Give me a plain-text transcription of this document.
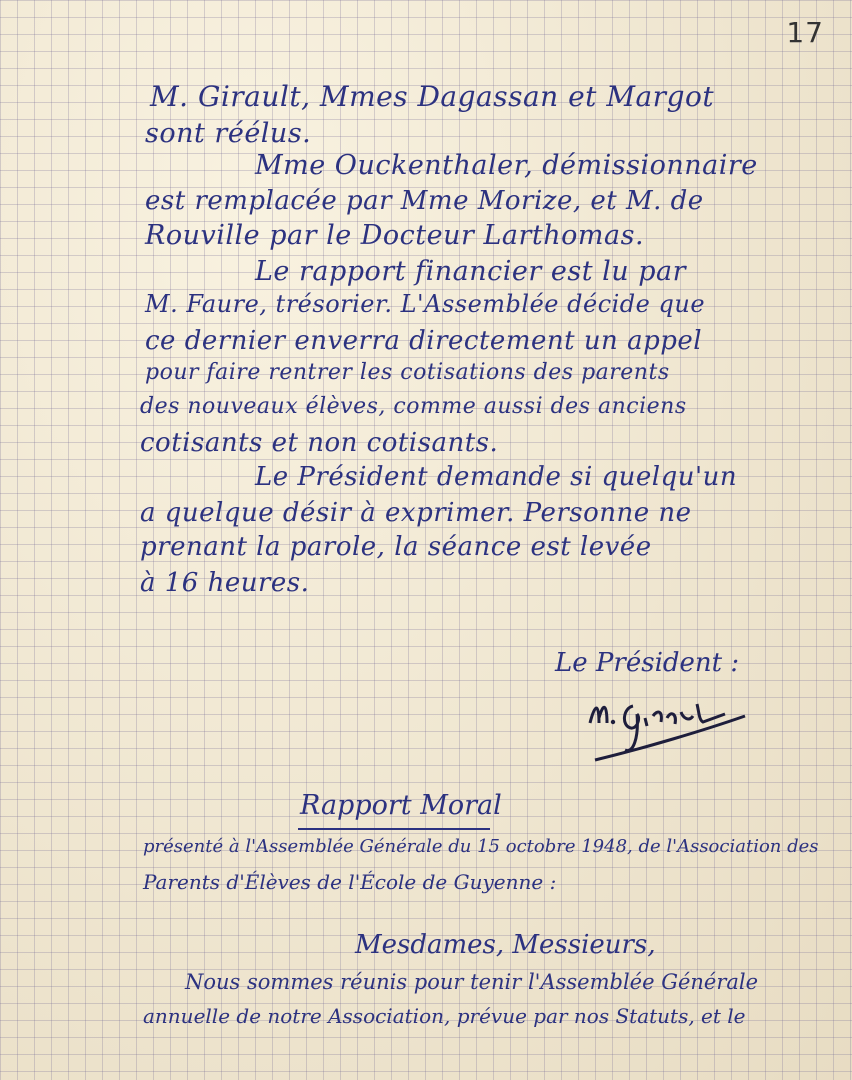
17
M. Girault, Mmes Dagassan et Margot
sont réélus.
Mme Ouckenthaler, démissionnaire
est remplacée par Mme Morize, et M. de
Rouville par le Docteur Larthomas.
Le rapport financier est lu par
M. Faure, trésorier. L'Assemblée décide que
ce dernier enverra directement un appel
pour faire rentrer les cotisations des parents
des nouveaux élèves, comme aussi des anciens
cotisants et non cotisants.
Le Président demande si quelqu'un
a quelque désir à exprimer. Personne ne
prenant la parole, la séance est levée
à 16 heures.
Le Président :
Rapport Moral
présenté à l'Assemblée Générale du 15 octobre 1948, de l'Association des
Parents d'Élèves de l'École de Guyenne :
Mesdames, Messieurs,
Nous sommes réunis pour tenir l'Assemblée Générale
annuelle de notre Association, prévue par nos Statuts, et le
